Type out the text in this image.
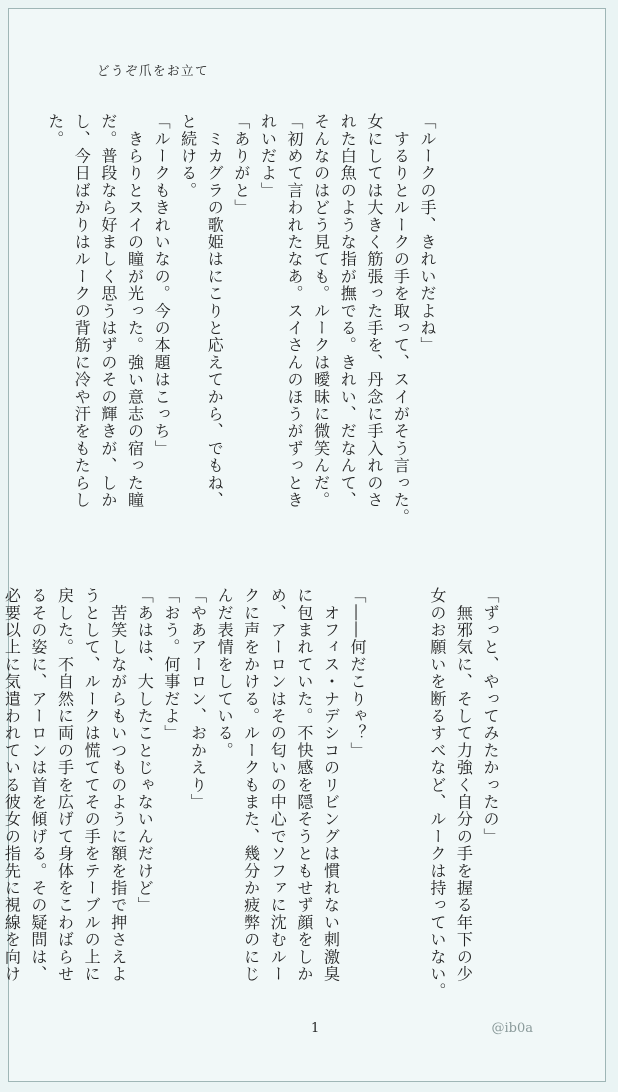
どうぞ爪をお立て

「ルークの手、きれいだよね」

　するりとルークの手を取って、スイがそう言った。

女にしては大きく筋張った手を、丹念に手入れのさ

れた白魚のような指が撫でる。きれい、だなんて、

そんなのはどう見ても。ルークは曖昧に微笑んだ。

「初めて言われたなあ。スイさんのほうがずっとき

れいだよ」

「ありがと」

　ミカグラの歌姫はにこりと応えてから、でもね、

と続ける。

「ルークもきれいなの。今の本題はこっち」

　きらりとスイの瞳が光った。強い意志の宿った瞳

だ。普段なら好ましく思うはずのその輝きが、しか

し、今日ばかりはルークの背筋に冷や汗をもたらし

た。

「ずっと、やってみたかったの」

　無邪気に、そして力強く自分の手を握る年下の少

女のお願いを断るすべなど、ルークは持っていない。

「――何だこりゃ？」

　オフィス・ナデシコのリビングは慣れない刺激臭

に包まれていた。不快感を隠そうともせず顔をしか

め、アーロンはその匂いの中心でソファに沈むルー

クに声をかける。ルークもまた、幾分か疲弊のにじ

んだ表情をしている。

「やあアーロン、おかえり」

「おう。何事だよ」

「あはは、大したことじゃないんだけど」

　苦笑しながらもいつものように額を指で押さえよ

うとして、ルークは慌ててその手をテーブルの上に

戻した。不自然に両の手を広げて身体をこわばらせ

るその姿に、アーロンは首を傾げる。その疑問は、

必要以上に気遣われている彼女の指先に視線を向け

1	@ib0a
